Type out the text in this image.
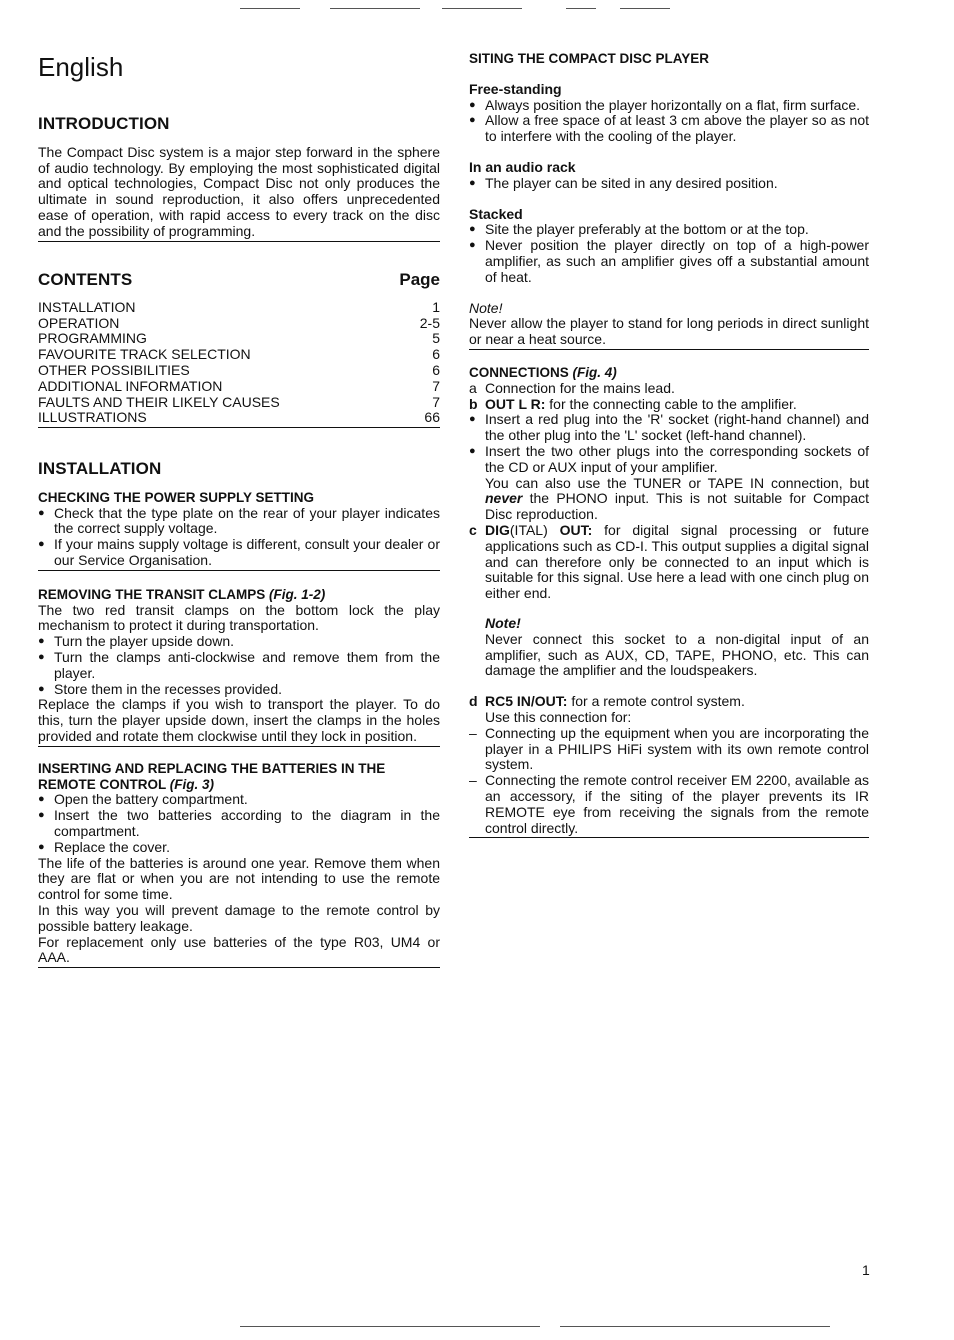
English
INTRODUCTION

The Compact Disc system is a major step forward in the sphere of audio technology. By employing the most sophisticated digital and optical technologies, Compact Disc not only produces the ultimate in sound reproduction, it also offers unprecedented ease of operation, with rapid access to every track on the disc and the possibility of programming.

CONTENTS	Page
INSTALLATION	1
OPERATION	2-5
PROGRAMMING	5
FAVOURITE TRACK SELECTION	6
OTHER POSSIBILITIES	6
ADDITIONAL INFORMATION	7
FAULTS AND THEIR LIKELY CAUSES	7
ILLUSTRATIONS	66
INSTALLATION
CHECKING THE POWER SUPPLY SETTING
● Check that the type plate on the rear of your player indicates the correct supply voltage.
● If your mains supply voltage is different, consult your dealer or our Service Organisation.
REMOVING THE TRANSIT CLAMPS (Fig. 1-2)

The two red transit clamps on the bottom lock the play mechanism to protect it during transportation.

● Turn the player upside down.
● Turn the clamps anti-clockwise and remove them from the player.
● Store them in the recesses provided.

Replace the clamps if you wish to transport the player. To do this, turn the player upside down, insert the clamps in the holes provided and rotate them clockwise until they lock in position.

INSERTING AND REPLACING THE BATTERIES IN THE REMOTE CONTROL (Fig. 3)
● Open the battery compartment.
● Insert the two batteries according to the diagram in the compartment.
● Replace the cover.

The life of the batteries is around one year. Remove them when they are flat or when you are not intending to use the remote control for some time.

In this way you will prevent damage to the remote control by possible battery leakage.

For replacement only use batteries of the type R03, UM4 or AAA.

SITING THE COMPACT DISC PLAYER
Free-standing
● Always position the player horizontally on a flat, firm surface.
● Allow a free space of at least 3 cm above the player so as not to interfere with the cooling of the player.
In an audio rack
● The player can be sited in any desired position.
Stacked
● Site the player preferably at the bottom or at the top.
● Never position the player directly on top of a high-power amplifier, as such an amplifier gives off a substantial amount of heat.
Note!

Never allow the player to stand for long periods in direct sunlight or near a heat source.

CONNECTIONS (Fig. 4)
a Connection for the mains lead.
b OUT L R: for the connecting cable to the amplifier.
● Insert a red plug into the 'R' socket (right-hand channel) and the other plug into the 'L' socket (left-hand channel).
● Insert the two other plugs into the corresponding sockets of the CD or AUX input of your amplifier.
You can also use the TUNER or TAPE IN connection, but never the PHONO input. This is not suitable for Compact Disc reproduction.
c DIG(ITAL) OUT: for digital signal processing or future applications such as CD-I. This output supplies a digital signal and can therefore only be connected to an input which is suitable for this signal. Use here a lead with one cinch plug on either end.
Note!

Never connect this socket to a non-digital input of an amplifier, such as AUX, CD, TAPE, PHONO, etc. This can damage the amplifier and the loudspeakers.

d RC5 IN/OUT: for a remote control system.
Use this connection for:
– Connecting up the equipment when you are incorporating the player in a PHILIPS HiFi system with its own remote control system.
– Connecting the remote control receiver EM 2200, available as an accessory, if the siting of the player prevents its IR REMOTE eye from receiving the signals from the remote control directly.
1
